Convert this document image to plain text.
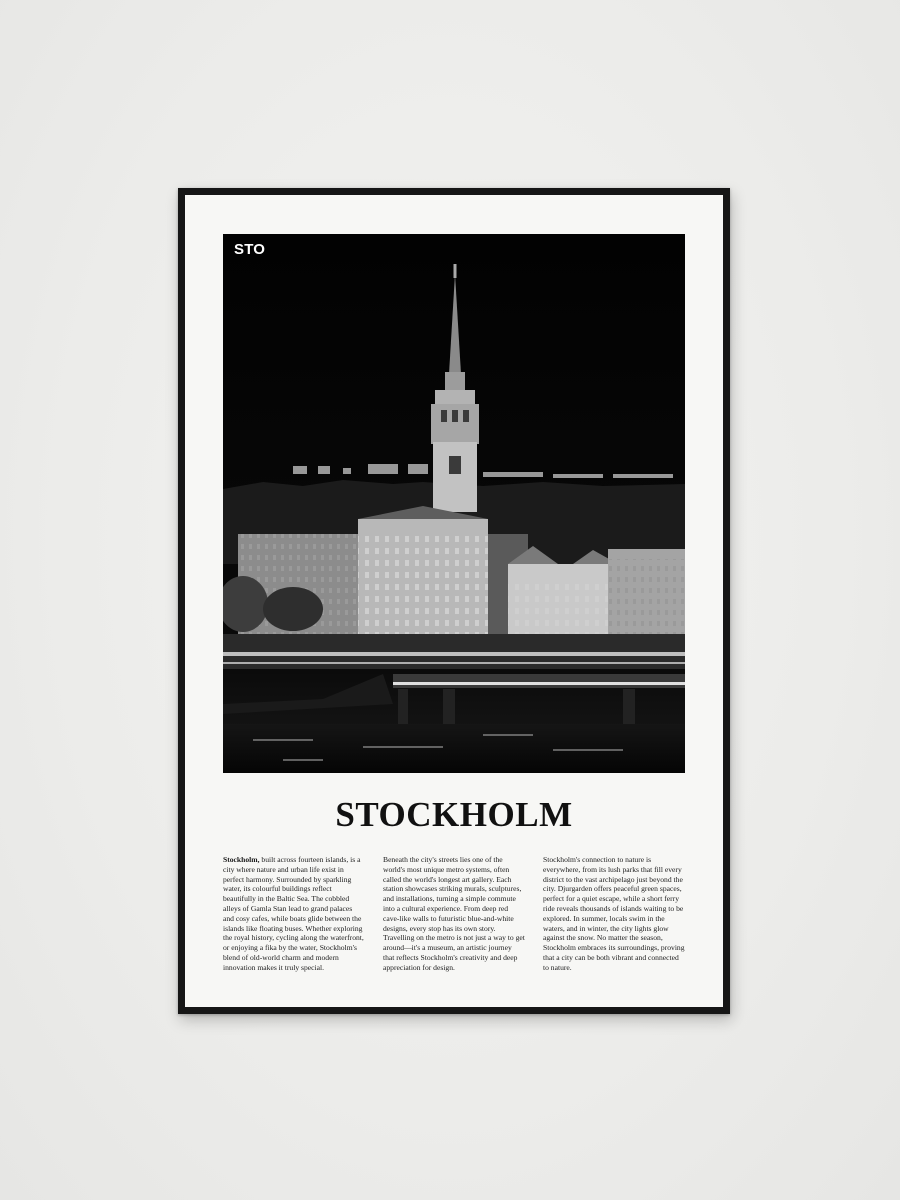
STO
STOCKHOLM
Stockholm, built across fourteen islands, is a city where nature and urban life exist in perfect harmony. Surrounded by sparkling water, its colourful buildings reflect beautifully in the Baltic Sea. The cobbled alleys of Gamla Stan lead to grand palaces and cosy cafes, while boats glide between the islands like floating buses. Whether exploring the royal history, cycling along the waterfront, or enjoying a fika by the water, Stockholm's blend of old-world charm and modern innovation makes it truly special.
Beneath the city's streets lies one of the world's most unique metro systems, often called the world's longest art gallery. Each station showcases striking murals, sculptures, and installations, turning a simple commute into a cultural experience. From deep red cave-like walls to futuristic blue-and-white designs, every stop has its own story. Travelling on the metro is not just a way to get around—it's a museum, an artistic journey that reflects Stockholm's creativity and deep appreciation for design.
Stockholm's connection to nature is everywhere, from its lush parks that fill every district to the vast archipelago just beyond the city. Djurgarden offers peaceful green spaces, perfect for a quiet escape, while a short ferry ride reveals thousands of islands waiting to be explored. In summer, locals swim in the waters, and in winter, the city lights glow against the snow. No matter the season, Stockholm embraces its surroundings, proving that a city can be both vibrant and connected to nature.
